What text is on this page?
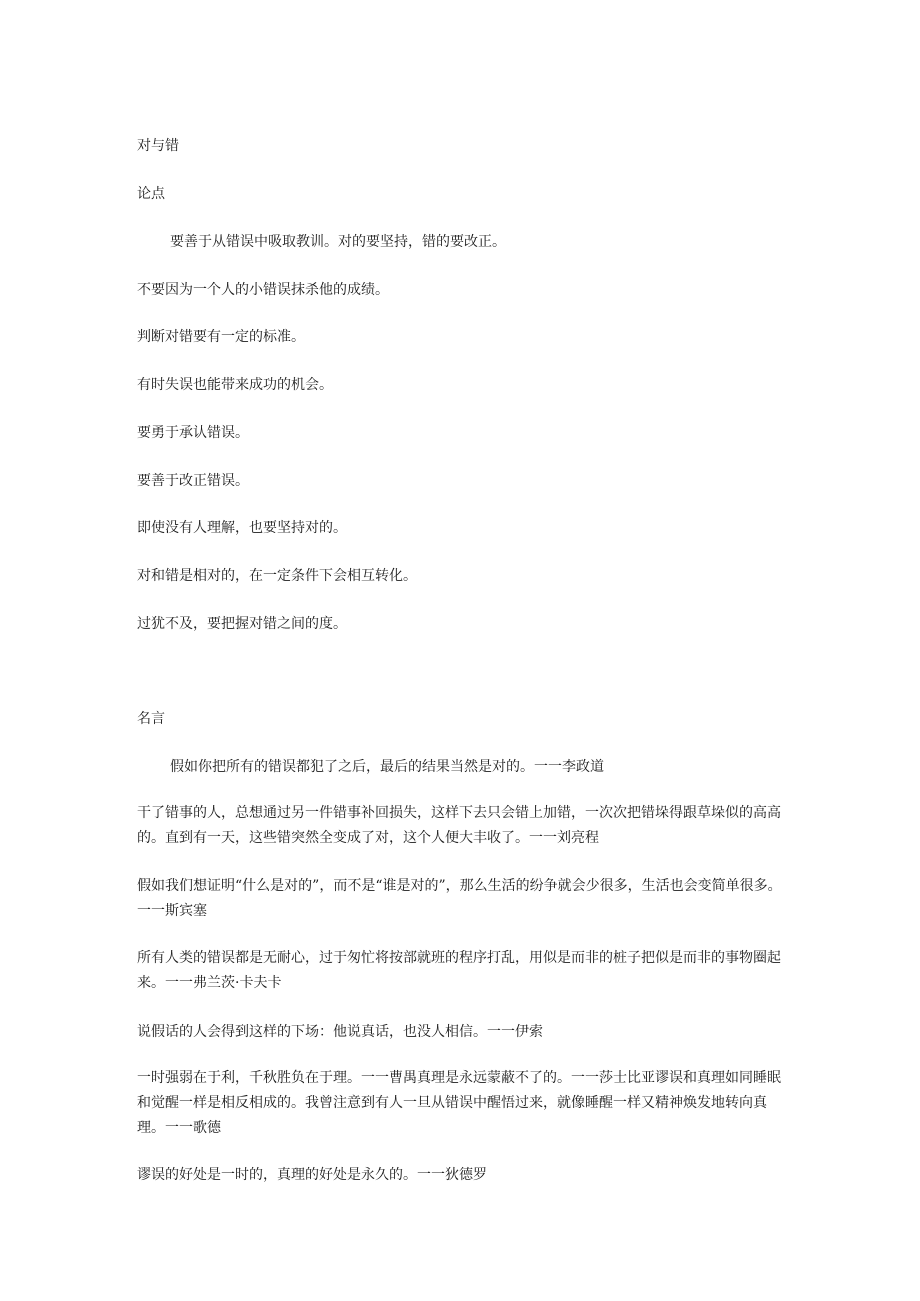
对与错
论点
要善于从错误中吸取教训。对的要坚持，错的要改正。
不要因为一个人的小错误抹杀他的成绩。
判断对错要有一定的标准。
有时失误也能带来成功的机会。
要勇于承认错误。
要善于改正错误。
即使没有人理解，也要坚持对的。
对和错是相对的，在一定条件下会相互转化。
过犹不及，要把握对错之间的度。
名言
假如你把所有的错误都犯了之后，最后的结果当然是对的。一一李政道
干了错事的人，总想通过另一件错事补回损失，这样下去只会错上加错，一次次把错垛得跟草垛似的高高的。直到有一天，这些错突然全变成了对，这个人便大丰收了。一一刘亮程
假如我们想证明“什么是对的”，而不是“谁是对的”，那么生活的纷争就会少很多，生活也会变简单很多。一一斯宾塞
所有人类的错误都是无耐心，过于匆忙将按部就班的程序打乱，用似是而非的桩子把似是而非的事物圈起来。一一弗兰茨·卡夫卡
说假话的人会得到这样的下场：他说真话，也没人相信。一一伊索
一时强弱在于利，千秋胜负在于理。一一曹禺真理是永远蒙蔽不了的。一一莎士比亚谬误和真理如同睡眠和觉醒一样是相反相成的。我曾注意到有人一旦从错误中醒悟过来，就像睡醒一样又精神焕发地转向真理。一一歌德
谬误的好处是一时的，真理的好处是永久的。一一狄德罗
